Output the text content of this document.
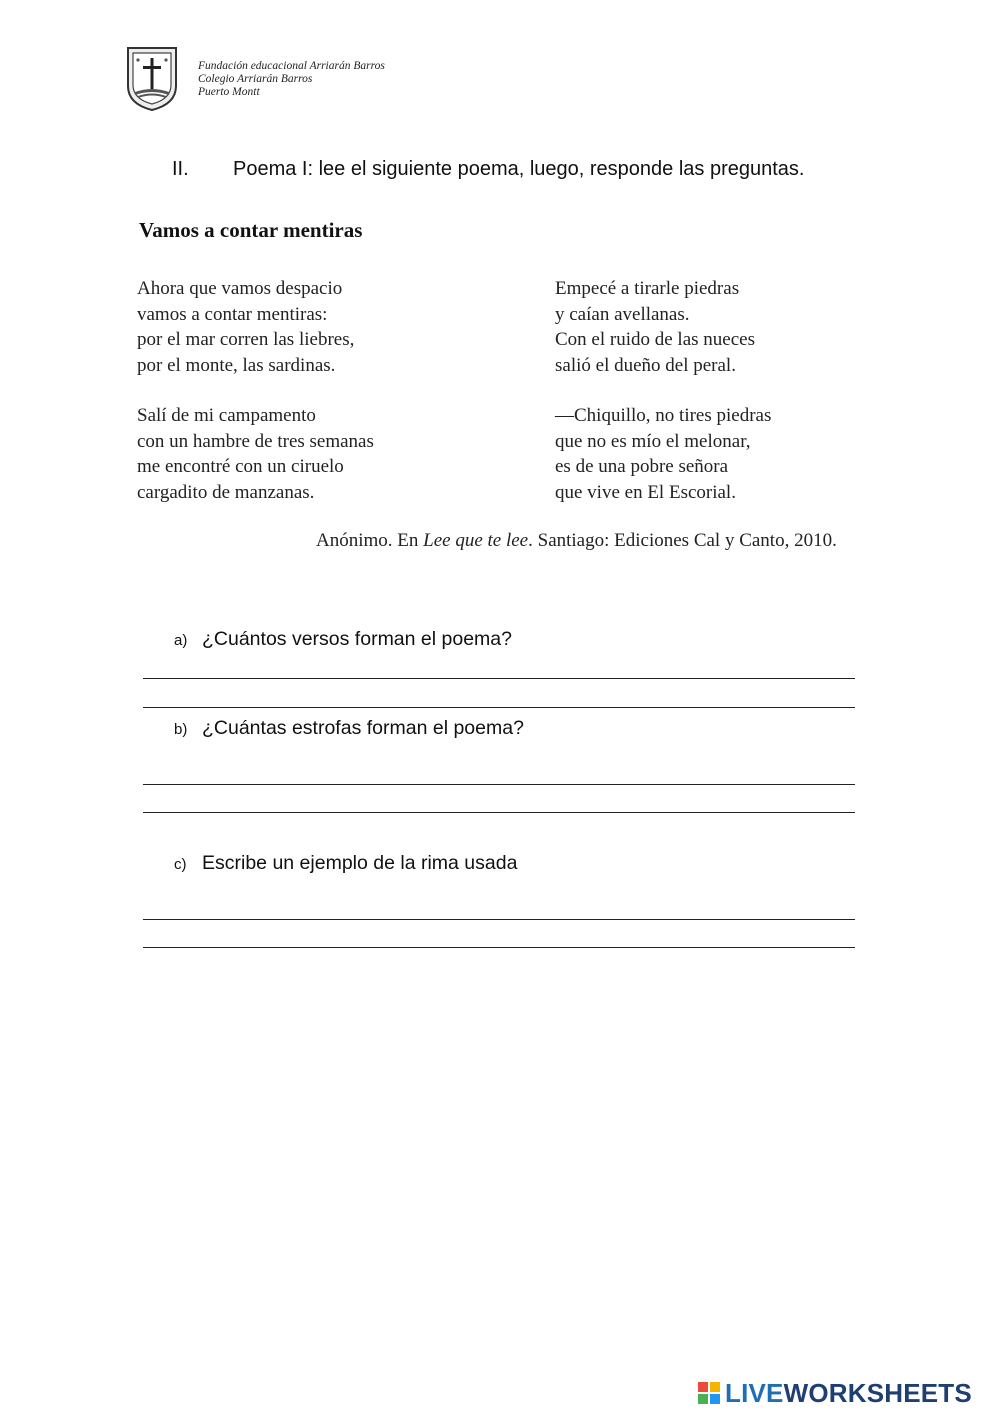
Fundación educacional Arriarán Barros
Colegio Arriarán Barros
Puerto Montt
II. Poema I: lee el siguiente poema, luego, responde las preguntas.
Vamos a contar mentiras
Ahora que vamos despacio
vamos a contar mentiras:
por el mar corren las liebres,
por el monte, las sardinas.
Salí de mi campamento
con un hambre de tres semanas
me encontré con un ciruelo
cargadito de manzanas.
Empecé a tirarle piedras
y caían avellanas.
Con el ruido de las nueces
salió el dueño del peral.
—Chiquillo, no tires piedras
que no es mío el melonar,
es de una pobre señora
que vive en El Escorial.
Anónimo. En Lee que te lee. Santiago: Ediciones Cal y Canto, 2010.
a) ¿Cuántos versos forman el poema?
b) ¿Cuántas estrofas forman el poema?
c) Escribe un ejemplo de la rima usada
LIVEWORKSHEETS
